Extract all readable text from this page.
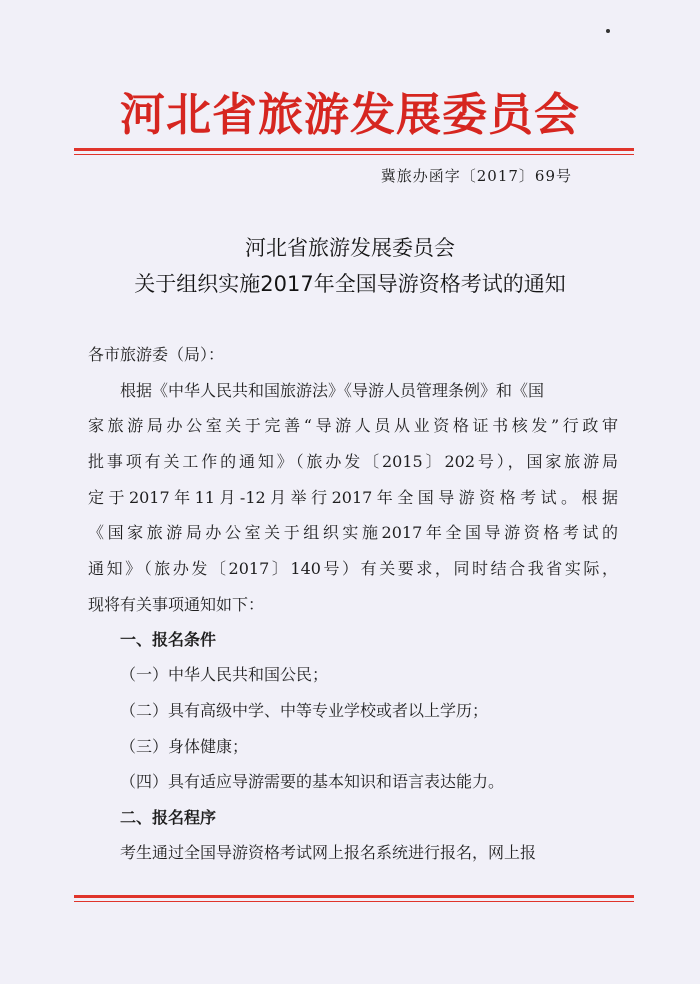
河北省旅游发展委员会
冀旅办函字〔2017〕69号
河北省旅游发展委员会
关于组织实施2017年全国导游资格考试的通知
各市旅游委（局）：
根据《中华人民共和国旅游法》《导游人员管理条例》和《国
家旅游局办公室关于完善“导游人员从业资格证书核发”行政审
批事项有关工作的通知》（旅办发〔2015〕202号），国家旅游局
定于2017年11月-12月举行2017年全国导游资格考试。根据
《国家旅游局办公室关于组织实施2017年全国导游资格考试的
通知》（旅办发〔2017〕140号）有关要求，同时结合我省实际，
现将有关事项通知如下：
一、报名条件
（一）中华人民共和国公民；
（二）具有高级中学、中等专业学校或者以上学历；
（三）身体健康；
（四）具有适应导游需要的基本知识和语言表达能力。
二、报名程序
考生通过全国导游资格考试网上报名系统进行报名，网上报
